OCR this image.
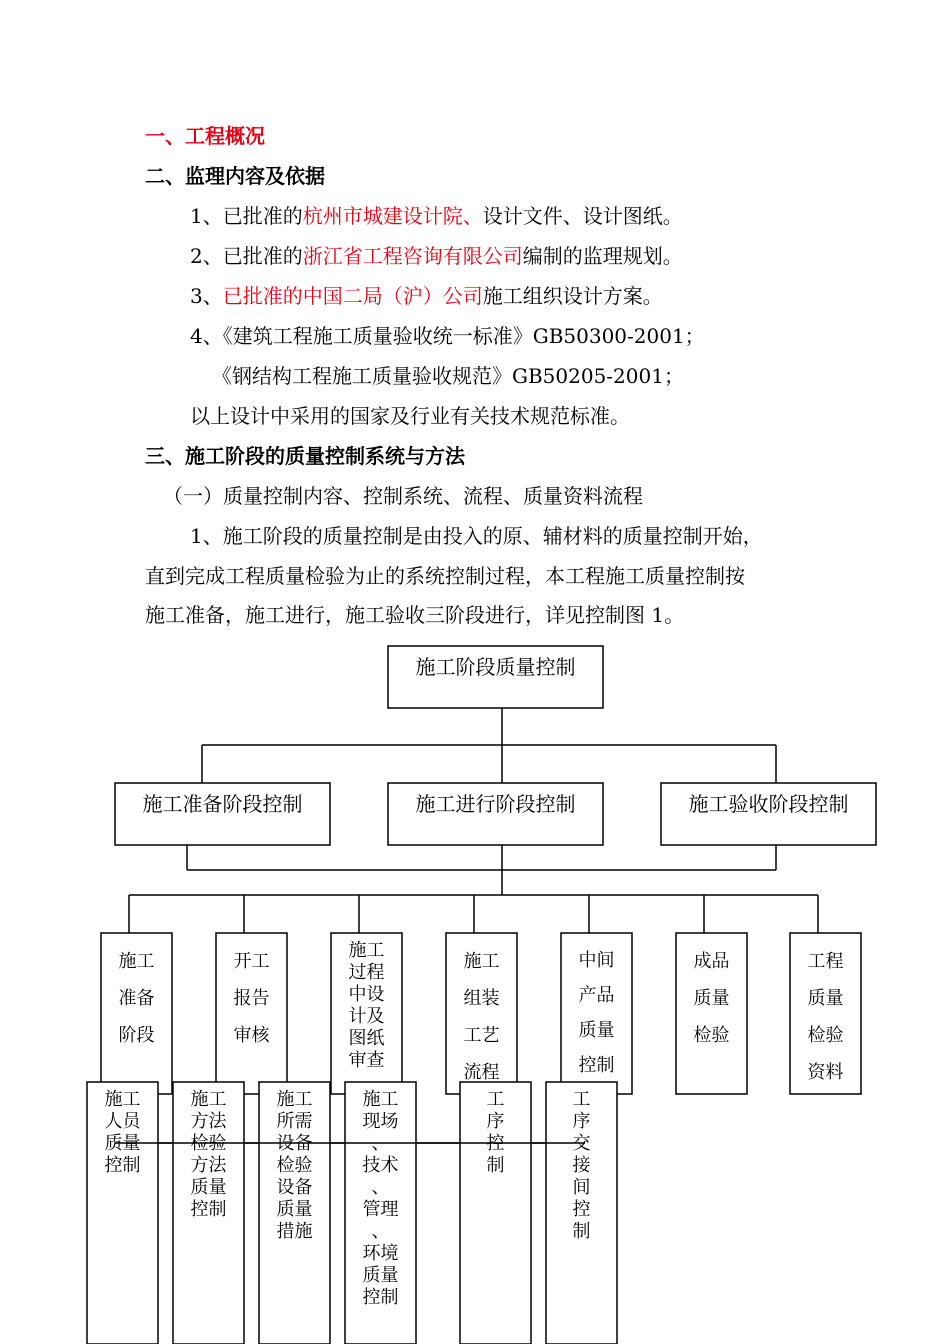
一、工程概况

二、监理内容及依据

1、已批准的杭州市城建设计院、设计文件、设计图纸。

2、已批准的浙江省工程咨询有限公司编制的监理规划。

3、已批准的中国二局（沪）公司施工组织设计方案。

4、《建筑工程施工质量验收统一标准》GB50300-2001；

《钢结构工程施工质量验收规范》GB50205-2001；

以上设计中采用的国家及行业有关技术规范标准。

三、施工阶段的质量控制系统与方法

（一）质量控制内容、控制系统、流程、质量资料流程

1、施工阶段的质量控制是由投入的原、辅材料的质量控制开始，

直到完成工程质量检验为止的系统控制过程，本工程施工质量控制按

施工准备，施工进行，施工验收三阶段进行，详见控制图 1。

施工阶段质量控制
施工准备阶段控制	施工进行阶段控制	施工验收阶段控制
施工
准备
阶段
开工
报告
审核
施工
过程
中设
计及
图纸
审查
施工
组装
工艺
流程
中间
产品
质量
控制
成品
质量
检验
工程
质量
检验
资料
施工
人员
质量
控制
施工
方法
检验
方法
质量
控制
施工
所需
设备
检验
设备
质量
措施
施工
现场
、
技术
、
管理
、
环境
质量
控制
工
序
控
制
工
序
交
接
间
控
制
